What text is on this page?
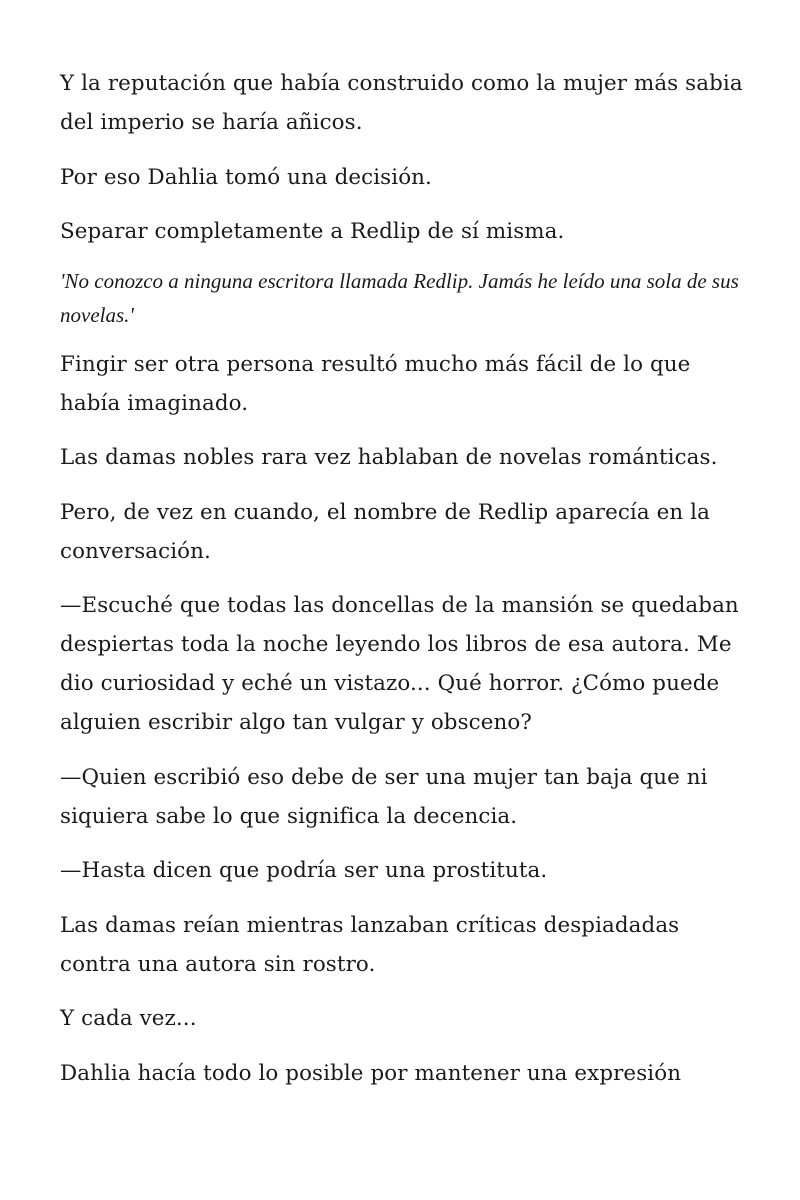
Y la reputación que había construido como la mujer más sabia del imperio se haría añicos.

Por eso Dahlia tomó una decisión.

Separar completamente a Redlip de sí misma.

'No conozco a ninguna escritora llamada Redlip. Jamás he leído una sola de sus novelas.'

Fingir ser otra persona resultó mucho más fácil de lo que había imaginado.

Las damas nobles rara vez hablaban de novelas románticas.

Pero, de vez en cuando, el nombre de Redlip aparecía en la conversación.

—Escuché que todas las doncellas de la mansión se quedaban despiertas toda la noche leyendo los libros de esa autora. Me dio curiosidad y eché un vistazo... Qué horror. ¿Cómo puede alguien escribir algo tan vulgar y obsceno?

—Quien escribió eso debe de ser una mujer tan baja que ni siquiera sabe lo que significa la decencia.

—Hasta dicen que podría ser una prostituta.

Las damas reían mientras lanzaban críticas despiadadas contra una autora sin rostro.

Y cada vez...

Dahlia hacía todo lo posible por mantener una expresión
